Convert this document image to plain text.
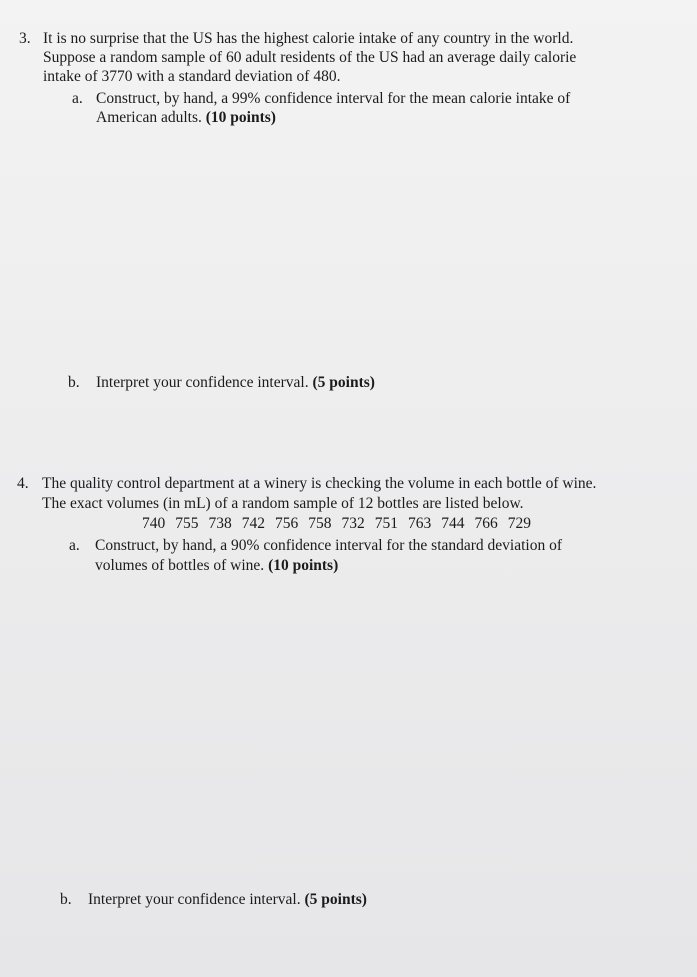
3. It is no surprise that the US has the highest calorie intake of any country in the world.
Suppose a random sample of 60 adult residents of the US had an average daily calorie
intake of 3770 with a standard deviation of 480.
a. Construct, by hand, a 99% confidence interval for the mean calorie intake of
American adults. (10 points)
b. Interpret your confidence interval. (5 points)
4. The quality control department at a winery is checking the volume in each bottle of wine.
The exact volumes (in mL) of a random sample of 12 bottles are listed below.
740 755 738 742 756 758 732 751 763 744 766 729
a. Construct, by hand, a 90% confidence interval for the standard deviation of
volumes of bottles of wine. (10 points)
b. Interpret your confidence interval. (5 points)
